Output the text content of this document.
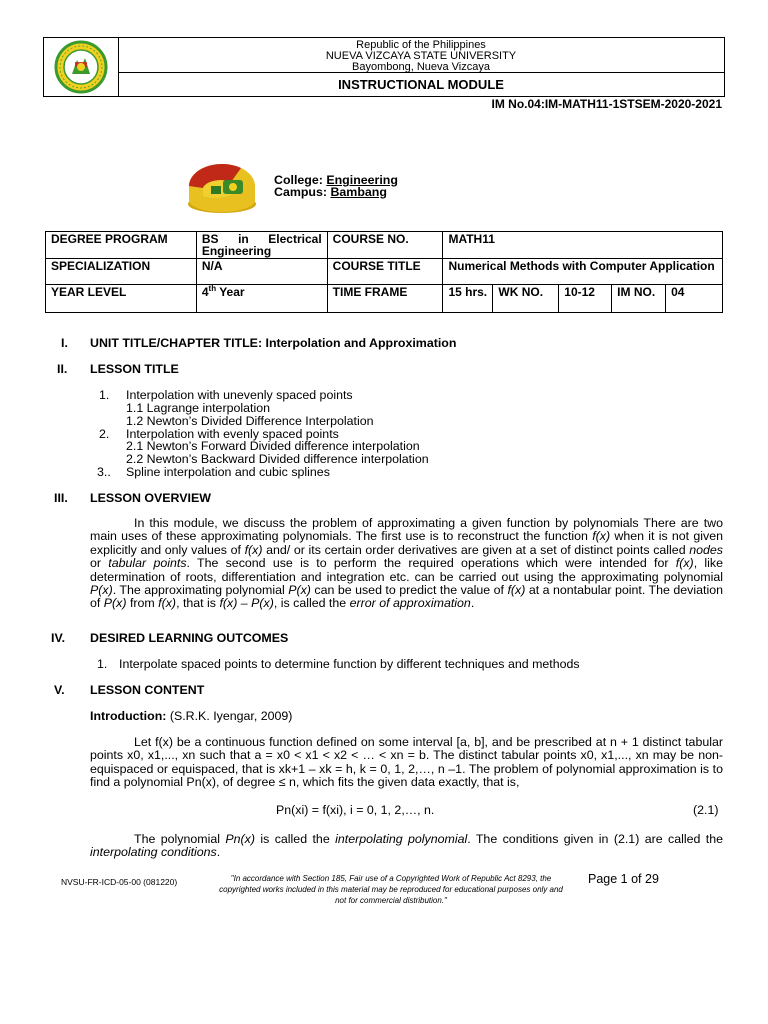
Republic of the Philippines
NUEVA VIZCAYA STATE UNIVERSITY
Bayombong, Nueva Vizcaya
INSTRUCTIONAL MODULE
IM No.04:IM-MATH11-1STSEM-2020-2021
College: Engineering
Campus: Bambang
DEGREE PROGRAM	BS in Electrical Engineering	COURSE NO.	MATH11				
SPECIALIZATION	N/A	COURSE TITLE	Numerical Methods with Computer Application				
YEAR LEVEL	4th Year	TIME FRAME	15 hrs.	WK NO.	10-12	IM NO.	04
I. UNIT TITLE/CHAPTER TITLE: Interpolation and Approximation
II. LESSON TITLE
1. Interpolation with unevenly spaced points
1.1 Lagrange interpolation
1.2 Newton’s Divided Difference Interpolation
2. Interpolation with evenly spaced points
2.1 Newton’s Forward Divided difference interpolation
2.2 Newton’s Backward Divided difference interpolation
3.. Spline interpolation and cubic splines
III. LESSON OVERVIEW
In this module, we discuss the problem of approximating a given function by polynomials There are two main uses of these approximating polynomials. The first use is to reconstruct the function f(x) when it is not given explicitly and only values of f(x) and/ or its certain order derivatives are given at a set of distinct points called nodes or tabular points. The second use is to perform the required operations which were intended for f(x), like determination of roots, differentiation and integration etc. can be carried out using the approximating polynomial P(x). The approximating polynomial P(x) can be used to predict the value of f(x) at a nontabular point. The deviation of P(x) from f(x), that is f(x) – P(x), is called the error of approximation.
IV. DESIRED LEARNING OUTCOMES
1. Interpolate spaced points to determine function by different techniques and methods
V. LESSON CONTENT
Introduction: (S.R.K. Iyengar, 2009)
Let f(x) be a continuous function defined on some interval [a, b], and be prescribed at n + 1 distinct tabular points x0, x1,..., xn such that a = x0 < x1 < x2 < … < xn = b. The distinct tabular points x0, x1,..., xn may be non-equispaced or equispaced, that is xk+1 – xk = h, k = 0, 1, 2,…, n –1. The problem of polynomial approximation is to find a polynomial Pn(x), of degree ≤ n, which fits the given data exactly, that is,
Pn(xi) = f(xi), i = 0, 1, 2,…, n.	(2.1)
The polynomial Pn(x) is called the interpolating polynomial. The conditions given in (2.1) are called the interpolating conditions.
NVSU-FR-ICD-05-00 (081220)	"In accordance with Section 185, Fair use of a Copyrighted Work of Republic Act 8293, the copyrighted works included in this material may be reproduced for educational purposes only and not for commercial distribution."
Page 1 of 29
